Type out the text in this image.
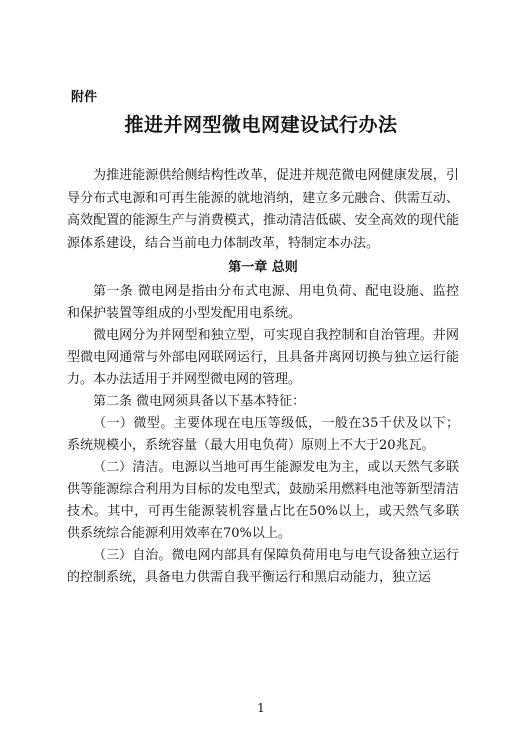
附件
推进并网型微电网建设试行办法

为推进能源供给侧结构性改革，促进并规范微电网健康发展，引导分布式电源和可再生能源的就地消纳，建立多元融合、供需互动、高效配置的能源生产与消费模式，推动清洁低碳、安全高效的现代能源体系建设，结合当前电力体制改革，特制定本办法。

第一章 总则

第一条 微电网是指由分布式电源、用电负荷、配电设施、监控和保护装置等组成的小型发配用电系统。

微电网分为并网型和独立型，可实现自我控制和自治管理。并网型微电网通常与外部电网联网运行，且具备并离网切换与独立运行能力。本办法适用于并网型微电网的管理。

第二条 微电网须具备以下基本特征：

（一）微型。主要体现在电压等级低，一般在35千伏及以下；系统规模小，系统容量（最大用电负荷）原则上不大于20兆瓦。

（二）清洁。电源以当地可再生能源发电为主，或以天然气多联供等能源综合利用为目标的发电型式，鼓励采用燃料电池等新型清洁技术。其中，可再生能源装机容量占比在50%以上，或天然气多联供系统综合能源利用效率在70%以上。

（三）自治。微电网内部具有保障负荷用电与电气设备独立运行的控制系统，具备电力供需自我平衡运行和黑启动能力，独立运

1
